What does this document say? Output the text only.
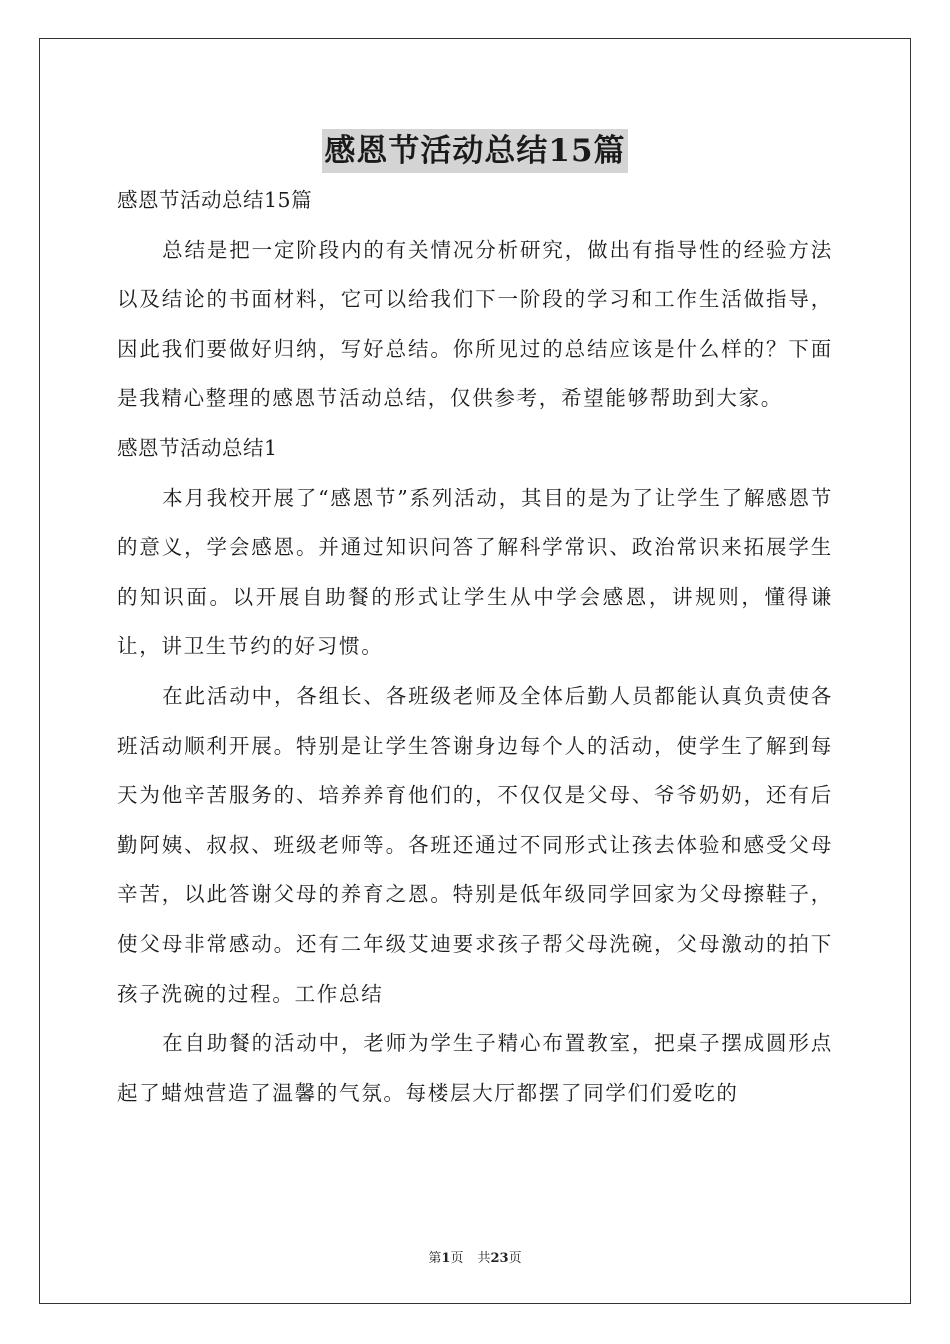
感恩节活动总结15篇

感恩节活动总结15篇

总结是把一定阶段内的有关情况分析研究，做出有指导性的经验方法以及结论的书面材料，它可以给我们下一阶段的学习和工作生活做指导，因此我们要做好归纳，写好总结。你所见过的总结应该是什么样的？下面是我精心整理的感恩节活动总结，仅供参考，希望能够帮助到大家。

感恩节活动总结1

本月我校开展了“感恩节”系列活动，其目的是为了让学生了解感恩节的意义，学会感恩。并通过知识问答了解科学常识、政治常识来拓展学生的知识面。以开展自助餐的形式让学生从中学会感恩，讲规则，懂得谦让，讲卫生节约的好习惯。

在此活动中，各组长、各班级老师及全体后勤人员都能认真负责使各班活动顺利开展。特别是让学生答谢身边每个人的活动，使学生了解到每天为他辛苦服务的、培养养育他们的，不仅仅是父母、爷爷奶奶，还有后勤阿姨、叔叔、班级老师等。各班还通过不同形式让孩去体验和感受父母辛苦，以此答谢父母的养育之恩。特别是低年级同学回家为父母擦鞋子，使父母非常感动。还有二年级艾迪要求孩子帮父母洗碗，父母激动的拍下孩子洗碗的过程。工作总结

在自助餐的活动中，老师为学生子精心布置教室，把桌子摆成圆形点起了蜡烛营造了温馨的气氛。每楼层大厅都摆了同学们们爱吃的

第1页 共23页
